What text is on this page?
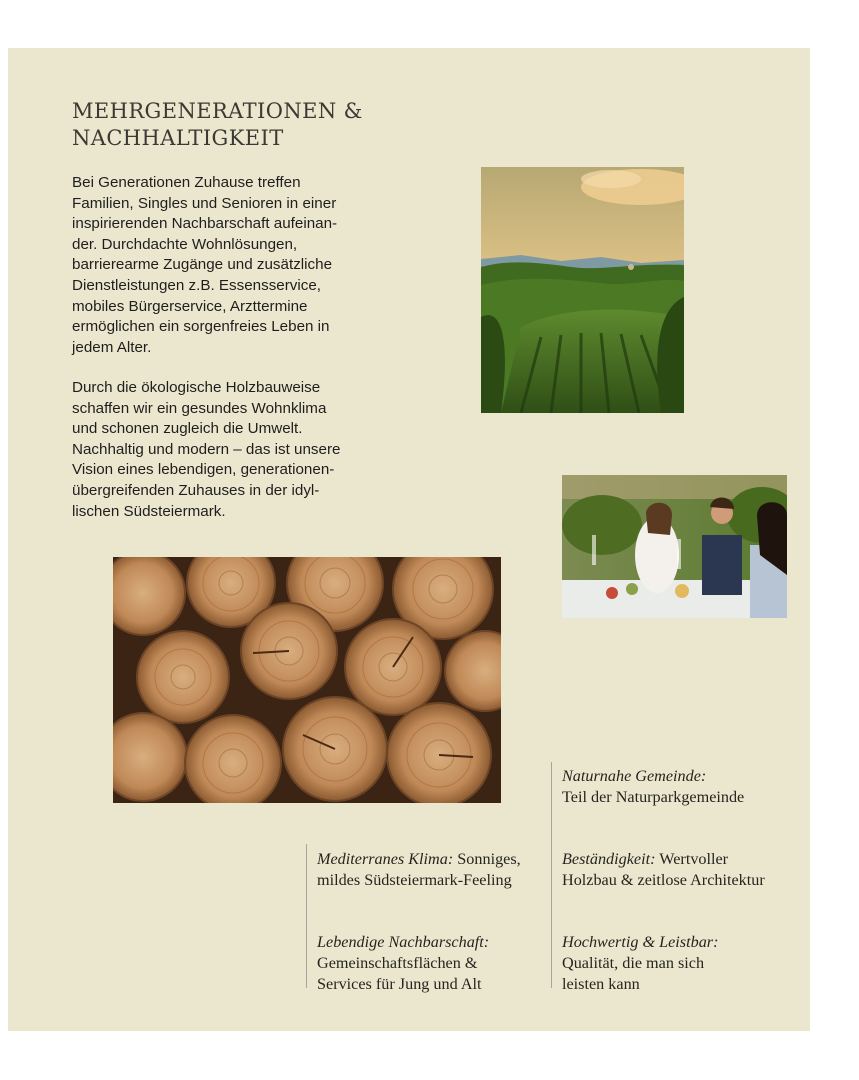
MEHRGENERATIONEN &
NACHHALTIGKEIT
Bei Generationen Zuhause treffen
Familien, Singles und Senioren in einer
inspirierenden Nachbarschaft aufeinan-
der. Durchdachte Wohnlösungen,
barrierearme Zugänge und zusätzliche
Dienstleistungen z.B. Essensservice,
mobiles Bürgerservice, Arzttermine
ermöglichen ein sorgenfreies Leben in
jedem Alter.
Durch die ökologische Holzbauweise
schaffen wir ein gesundes Wohnklima
und schonen zugleich die Umwelt.
Nachhaltig und modern – das ist unsere
Vision eines lebendigen, generationen-
übergreifenden Zuhauses in der idyl-
lischen Südsteiermark.
Naturnahe Gemeinde:
Teil der Naturparkgemeinde
Mediterranes Klima: Sonniges,
mildes Südsteiermark-Feeling
Beständigkeit: Wertvoller
Holzbau & zeitlose Architektur
Lebendige Nachbarschaft:
Gemeinschaftsflächen &
Services für Jung und Alt
Hochwertig & Leistbar:
Qualität, die man sich
leisten kann
